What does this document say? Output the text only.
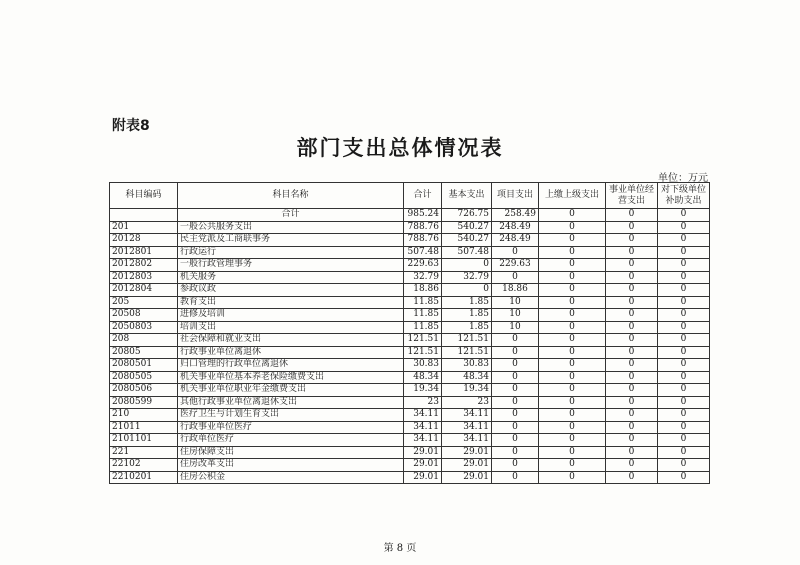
附表8
部门支出总体情况表
单位：万元
科目编码	科目名称	合计	基本支出	项目支出	上缴上级支出	事业单位经营支出	对下级单位补助支出
	合计	985.24	726.75	258.49	0	0	0
201	一般公共服务支出	788.76	540.27	248.49	0	0	0
20128	民主党派及工商联事务	788.76	540.27	248.49	0	0	0
2012801	行政运行	507.48	507.48	0	0	0	0
2012802	一般行政管理事务	229.63	0	229.63	0	0	0
2012803	机关服务	32.79	32.79	0	0	0	0
2012804	参政议政	18.86	0	18.86	0	0	0
205	教育支出	11.85	1.85	10	0	0	0
20508	进修及培训	11.85	1.85	10	0	0	0
2050803	培训支出	11.85	1.85	10	0	0	0
208	社会保障和就业支出	121.51	121.51	0	0	0	0
20805	行政事业单位离退休	121.51	121.51	0	0	0	0
2080501	归口管理的行政单位离退休	30.83	30.83	0	0	0	0
2080505	机关事业单位基本养老保险缴费支出	48.34	48.34	0	0	0	0
2080506	机关事业单位职业年金缴费支出	19.34	19.34	0	0	0	0
2080599	其他行政事业单位离退休支出	23	23	0	0	0	0
210	医疗卫生与计划生育支出	34.11	34.11	0	0	0	0
21011	行政事业单位医疗	34.11	34.11	0	0	0	0
2101101	行政单位医疗	34.11	34.11	0	0	0	0
221	住房保障支出	29.01	29.01	0	0	0	0
22102	住房改革支出	29.01	29.01	0	0	0	0
2210201	住房公积金	29.01	29.01	0	0	0	0
第 8 页
